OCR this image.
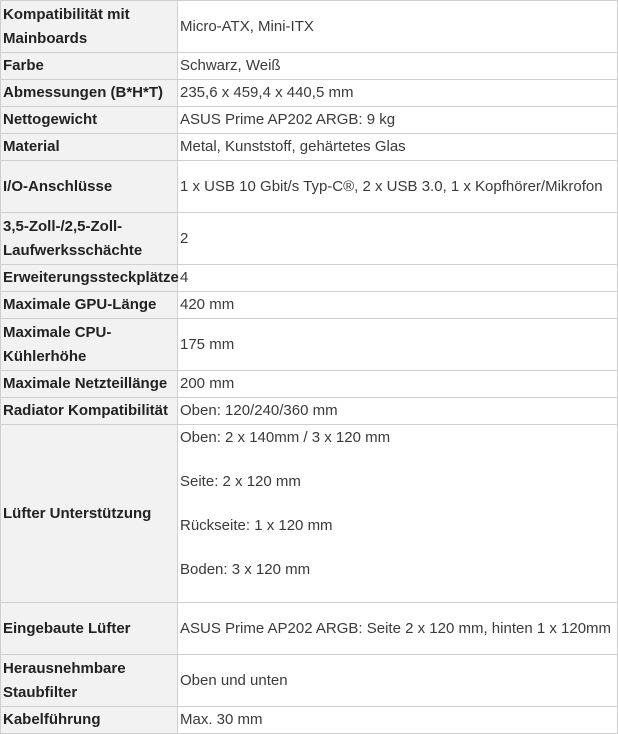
Kompatibilität mit
Mainboards	Micro-ATX, Mini-ITX
Farbe	Schwarz, Weiß
Abmessungen (B*H*T)	235,6 x 459,4 x 440,5 mm
Nettogewicht	ASUS Prime AP202 ARGB: 9 kg
Material	Metal, Kunststoff, gehärtetes Glas
I/O-Anschlüsse	1 x USB 10 Gbit/s Typ-C®, 2 x USB 3.0, 1 x Kopfhörer/Mikrofon
3,5-Zoll-/2,5-Zoll-
Laufwerksschächte	2
Erweiterungssteckplätze	4
Maximale GPU-Länge	420 mm
Maximale CPU-
Kühlerhöhe	175 mm
Maximale Netzteillänge	200 mm
Radiator Kompatibilität	Oben: 120/240/360 mm
Lüfter Unterstützung	Oben: 2 x 140mm / 3 x 120 mm
Seite: 2 x 120 mm
Rückseite: 1 x 120 mm
Boden: 3 x 120 mm

Eingebaute Lüfter	ASUS Prime AP202 ARGB: Seite 2 x 120 mm, hinten 1 x 120mm
Herausnehmbare
Staubfilter	Oben und unten
Kabelführung	Max. 30 mm
